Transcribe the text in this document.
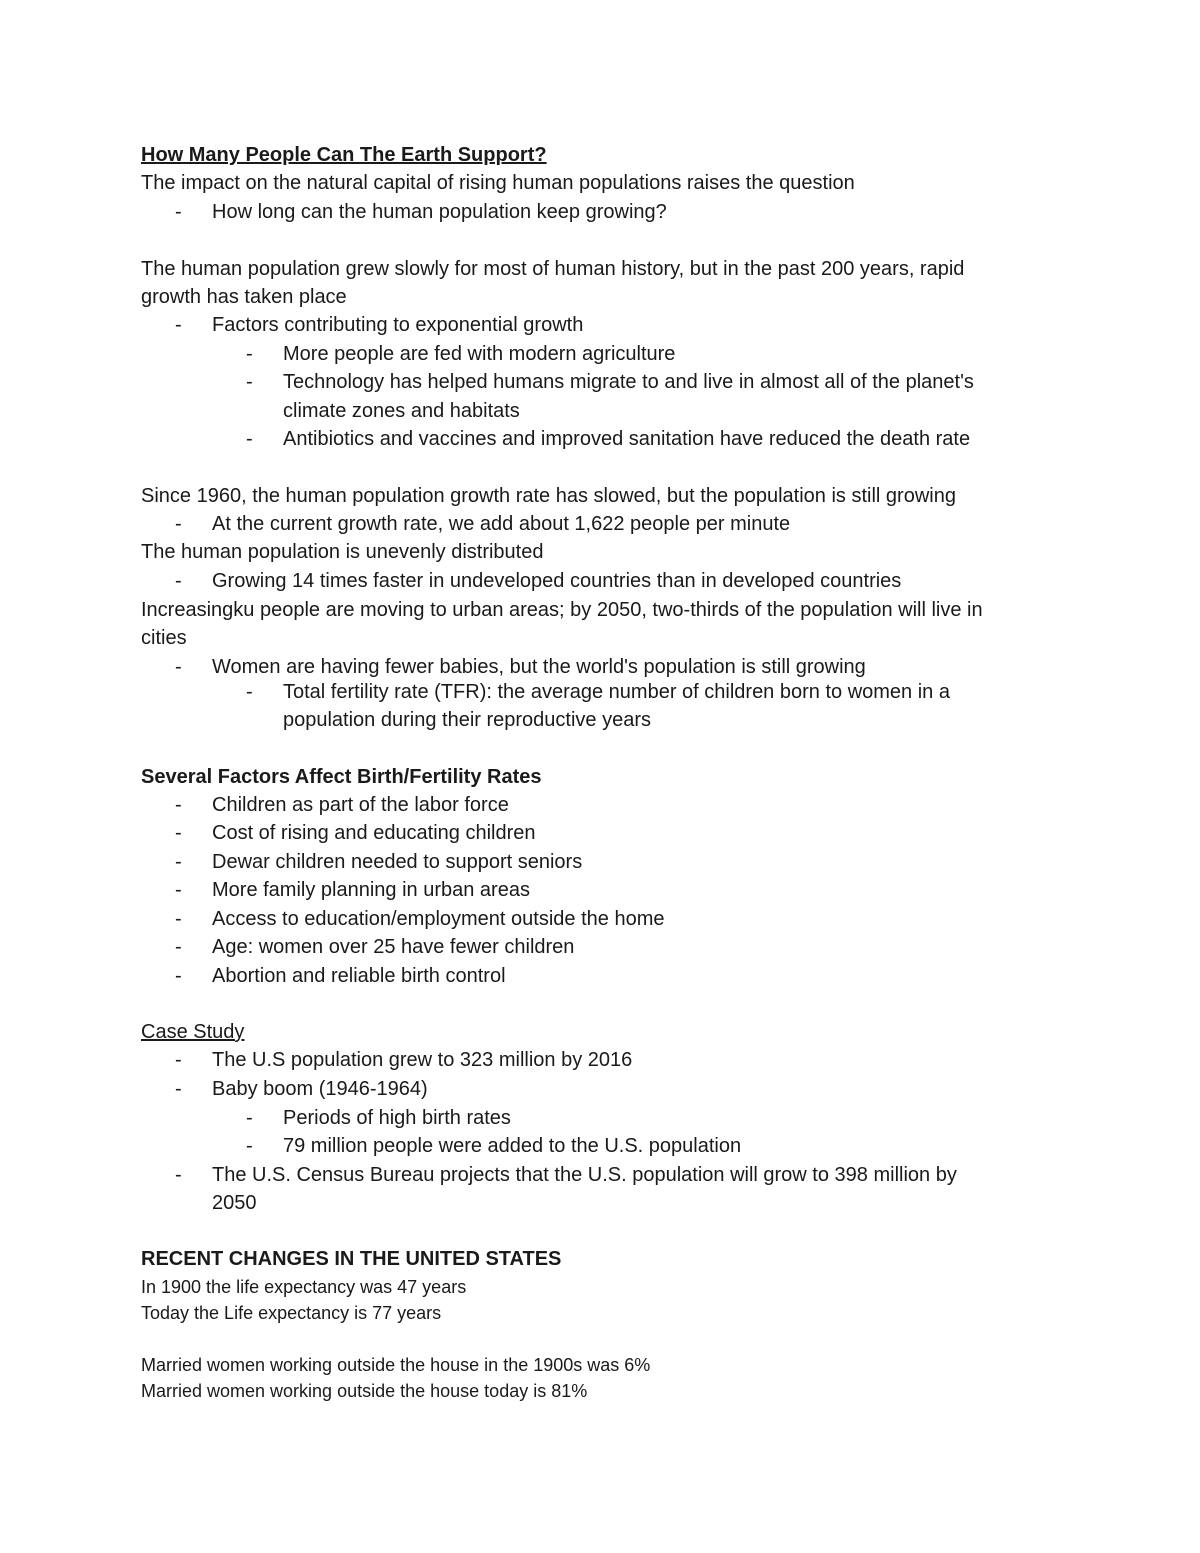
How Many People Can The Earth Support?
The impact on the natural capital of rising human populations raises the question
- How long can the human population keep growing?
The human population grew slowly for most of human history, but in the past 200 years, rapid
growth has taken place
- Factors contributing to exponential growth
- More people are fed with modern agriculture
- Technology has helped humans migrate to and live in almost all of the planet's
climate zones and habitats
- Antibiotics and vaccines and improved sanitation have reduced the death rate
Since 1960, the human population growth rate has slowed, but the population is still growing
- At the current growth rate, we add about 1,622 people per minute
The human population is unevenly distributed
- Growing 14 times faster in undeveloped countries than in developed countries
Increasingku people are moving to urban areas; by 2050, two-thirds of the population will live in
cities
- Women are having fewer babies, but the world's population is still growing
- Total fertility rate (TFR): the average number of children born to women in a
population during their reproductive years
Several Factors Affect Birth/Fertility Rates
- Children as part of the labor force
- Cost of rising and educating children
- Dewar children needed to support seniors
- More family planning in urban areas
- Access to education/employment outside the home
- Age: women over 25 have fewer children
- Abortion and reliable birth control
Case Study
- The U.S population grew to 323 million by 2016
- Baby boom (1946-1964)
- Periods of high birth rates
- 79 million people were added to the U.S. population
- The U.S. Census Bureau projects that the U.S. population will grow to 398 million by
2050
RECENT CHANGES IN THE UNITED STATES
In 1900 the life expectancy was 47 years
Today the Life expectancy is 77 years
Married women working outside the house in the 1900s was 6%
Married women working outside the house today is 81%
